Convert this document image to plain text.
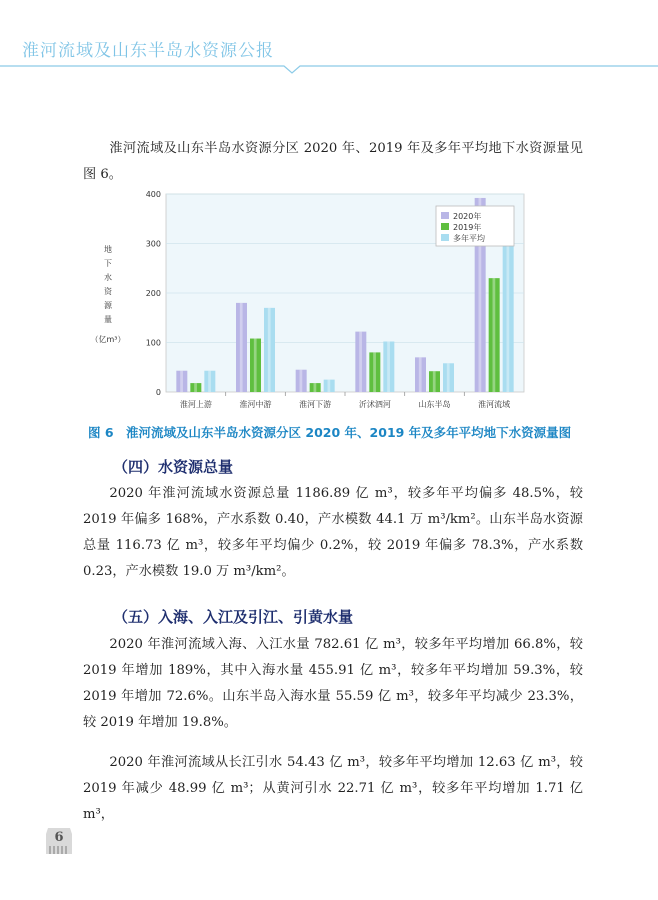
淮河流域及山东半岛水资源公报

淮河流域及山东半岛水资源分区 2020 年、2019 年及多年平均地下水资源量见图 6。

0
100
200
300
400
地
下
水
资
源
量
（亿m³）
淮河上游	淮河中游	淮河下游	沂沭泗河	山东半岛	淮河流域
2020年
2019年
多年平均

图 6　淮河流域及山东半岛水资源分区 2020 年、2019 年及多年平均地下水资源量图

（四）水资源总量

2020 年淮河流域水资源总量 1186.89 亿 m³，较多年平均偏多 48.5%，较 2019 年偏多 168%，产水系数 0.40，产水模数 44.1 万 m³/km²。山东半岛水资源总量 116.73 亿 m³，较多年平均偏少 0.2%，较 2019 年偏多 78.3%，产水系数 0.23，产水模数 19.0 万 m³/km²。

（五）入海、入江及引江、引黄水量

2020 年淮河流域入海、入江水量 782.61 亿 m³，较多年平均增加 66.8%，较 2019 年增加 189%，其中入海水量 455.91 亿 m³，较多年平均增加 59.3%，较 2019 年增加 72.6%。山东半岛入海水量 55.59 亿 m³，较多年平均减少 23.3%，较 2019 年增加 19.8%。

2020 年淮河流域从长江引水 54.43 亿 m³，较多年平均增加 12.63 亿 m³，较 2019 年减少 48.99 亿 m³；从黄河引水 22.71 亿 m³，较多年平均增加 1.71 亿 m³，

6
